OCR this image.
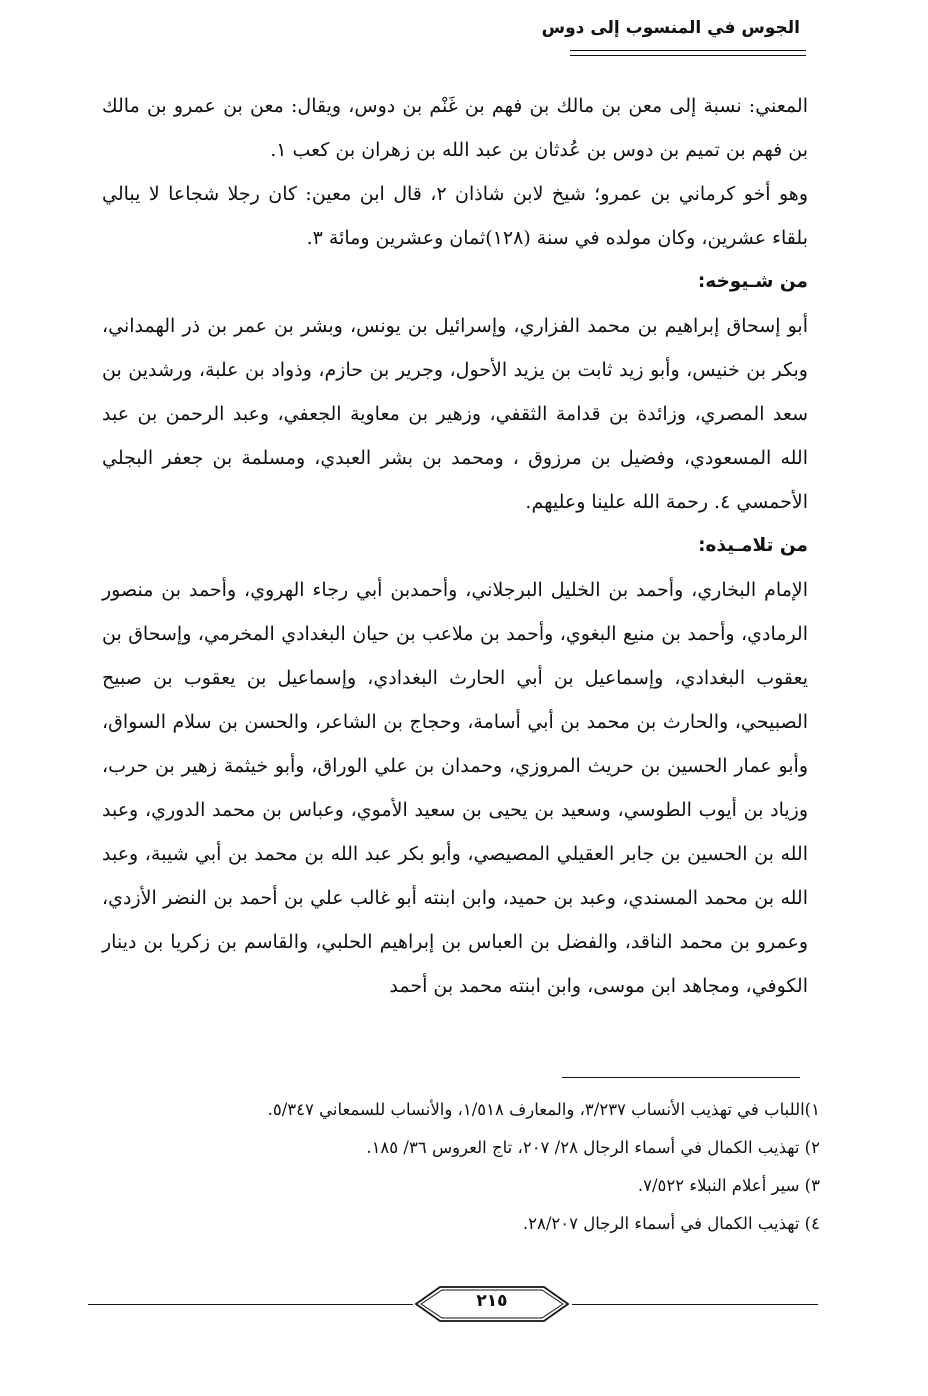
الجوس في المنسوب إلى دوس

المعني: نسبة إلى معن بن مالك بن فهم بن غَنْم بن دوس، ويقال: معن بن عمرو بن مالك بن فهم بن تميم بن دوس بن عُدثان بن عبد الله بن زهران بن كعب ١.

وهو أخو كرماني بن عمرو؛ شيخ لابن شاذان ٢، قال ابن معين: كان رجلا شجاعا لا يبالي بلقاء عشرين، وكان مولده في سنة (١٢٨)ثمان وعشرين ومائة ٣.

من شـيوخه:

أبو إسحاق إبراهيم بن محمد الفزاري، وإسرائيل بن يونس، وبشر بن عمر بن ذر الهمداني، وبكر بن خنيس، وأبو زيد ثابت بن يزيد الأحول، وجرير بن حازم، وذواد بن علبة، ورشدين بن سعد المصري، وزائدة بن قدامة الثقفي، وزهير بن معاوية الجعفي، وعبد الرحمن بن عبد الله المسعودي، وفضيل بن مرزوق ، ومحمد بن بشر العبدي، ومسلمة بن جعفر البجلي الأحمسي ٤. رحمة الله علينا وعليهم.

من تلامـيذه:

الإمام البخاري، وأحمد بن الخليل البرجلاني، وأحمدبن أبي رجاء الهروي، وأحمد بن منصور الرمادي، وأحمد بن منيع البغوي، وأحمد بن ملاعب بن حيان البغدادي المخرمي، وإسحاق بن يعقوب البغدادي، وإسماعيل بن أبي الحارث البغدادي، وإسماعيل بن يعقوب بن صبيح الصبيحي، والحارث بن محمد بن أبي أسامة، وحجاج بن الشاعر، والحسن بن سلام السواق، وأبو عمار الحسين بن حريث المروزي، وحمدان بن علي الوراق، وأبو خيثمة زهير بن حرب، وزياد بن أيوب الطوسي، وسعيد بن يحيى بن سعيد الأموي، وعباس بن محمد الدوري، وعبد الله بن الحسين بن جابر العقيلي المصيصي، وأبو بكر عبد الله بن محمد بن أبي شيبة، وعبد الله بن محمد المسندي، وعبد بن حميد، وابن ابنته أبو غالب علي بن أحمد بن النضر الأزدي، وعمرو بن محمد الناقد، والفضل بن العباس بن إبراهيم الحلبي، والقاسم بن زكريا بن دينار الكوفي، ومجاهد ابن موسى، وابن ابنته محمد بن أحمد

١)اللباب في تهذيب الأنساب ٣/٢٣٧، والمعارف ١/٥١٨، والأنساب للسمعاني ٥/٣٤٧.
٢) تهذيب الكمال في أسماء الرجال ٢٨/ ٢٠٧، تاج العروس ٣٦/ ١٨٥.
٣) سير أعلام النبلاء ٧/٥٢٢.
٤) تهذيب الكمال في أسماء الرجال ٢٨/٢٠٧.
٢١٥
